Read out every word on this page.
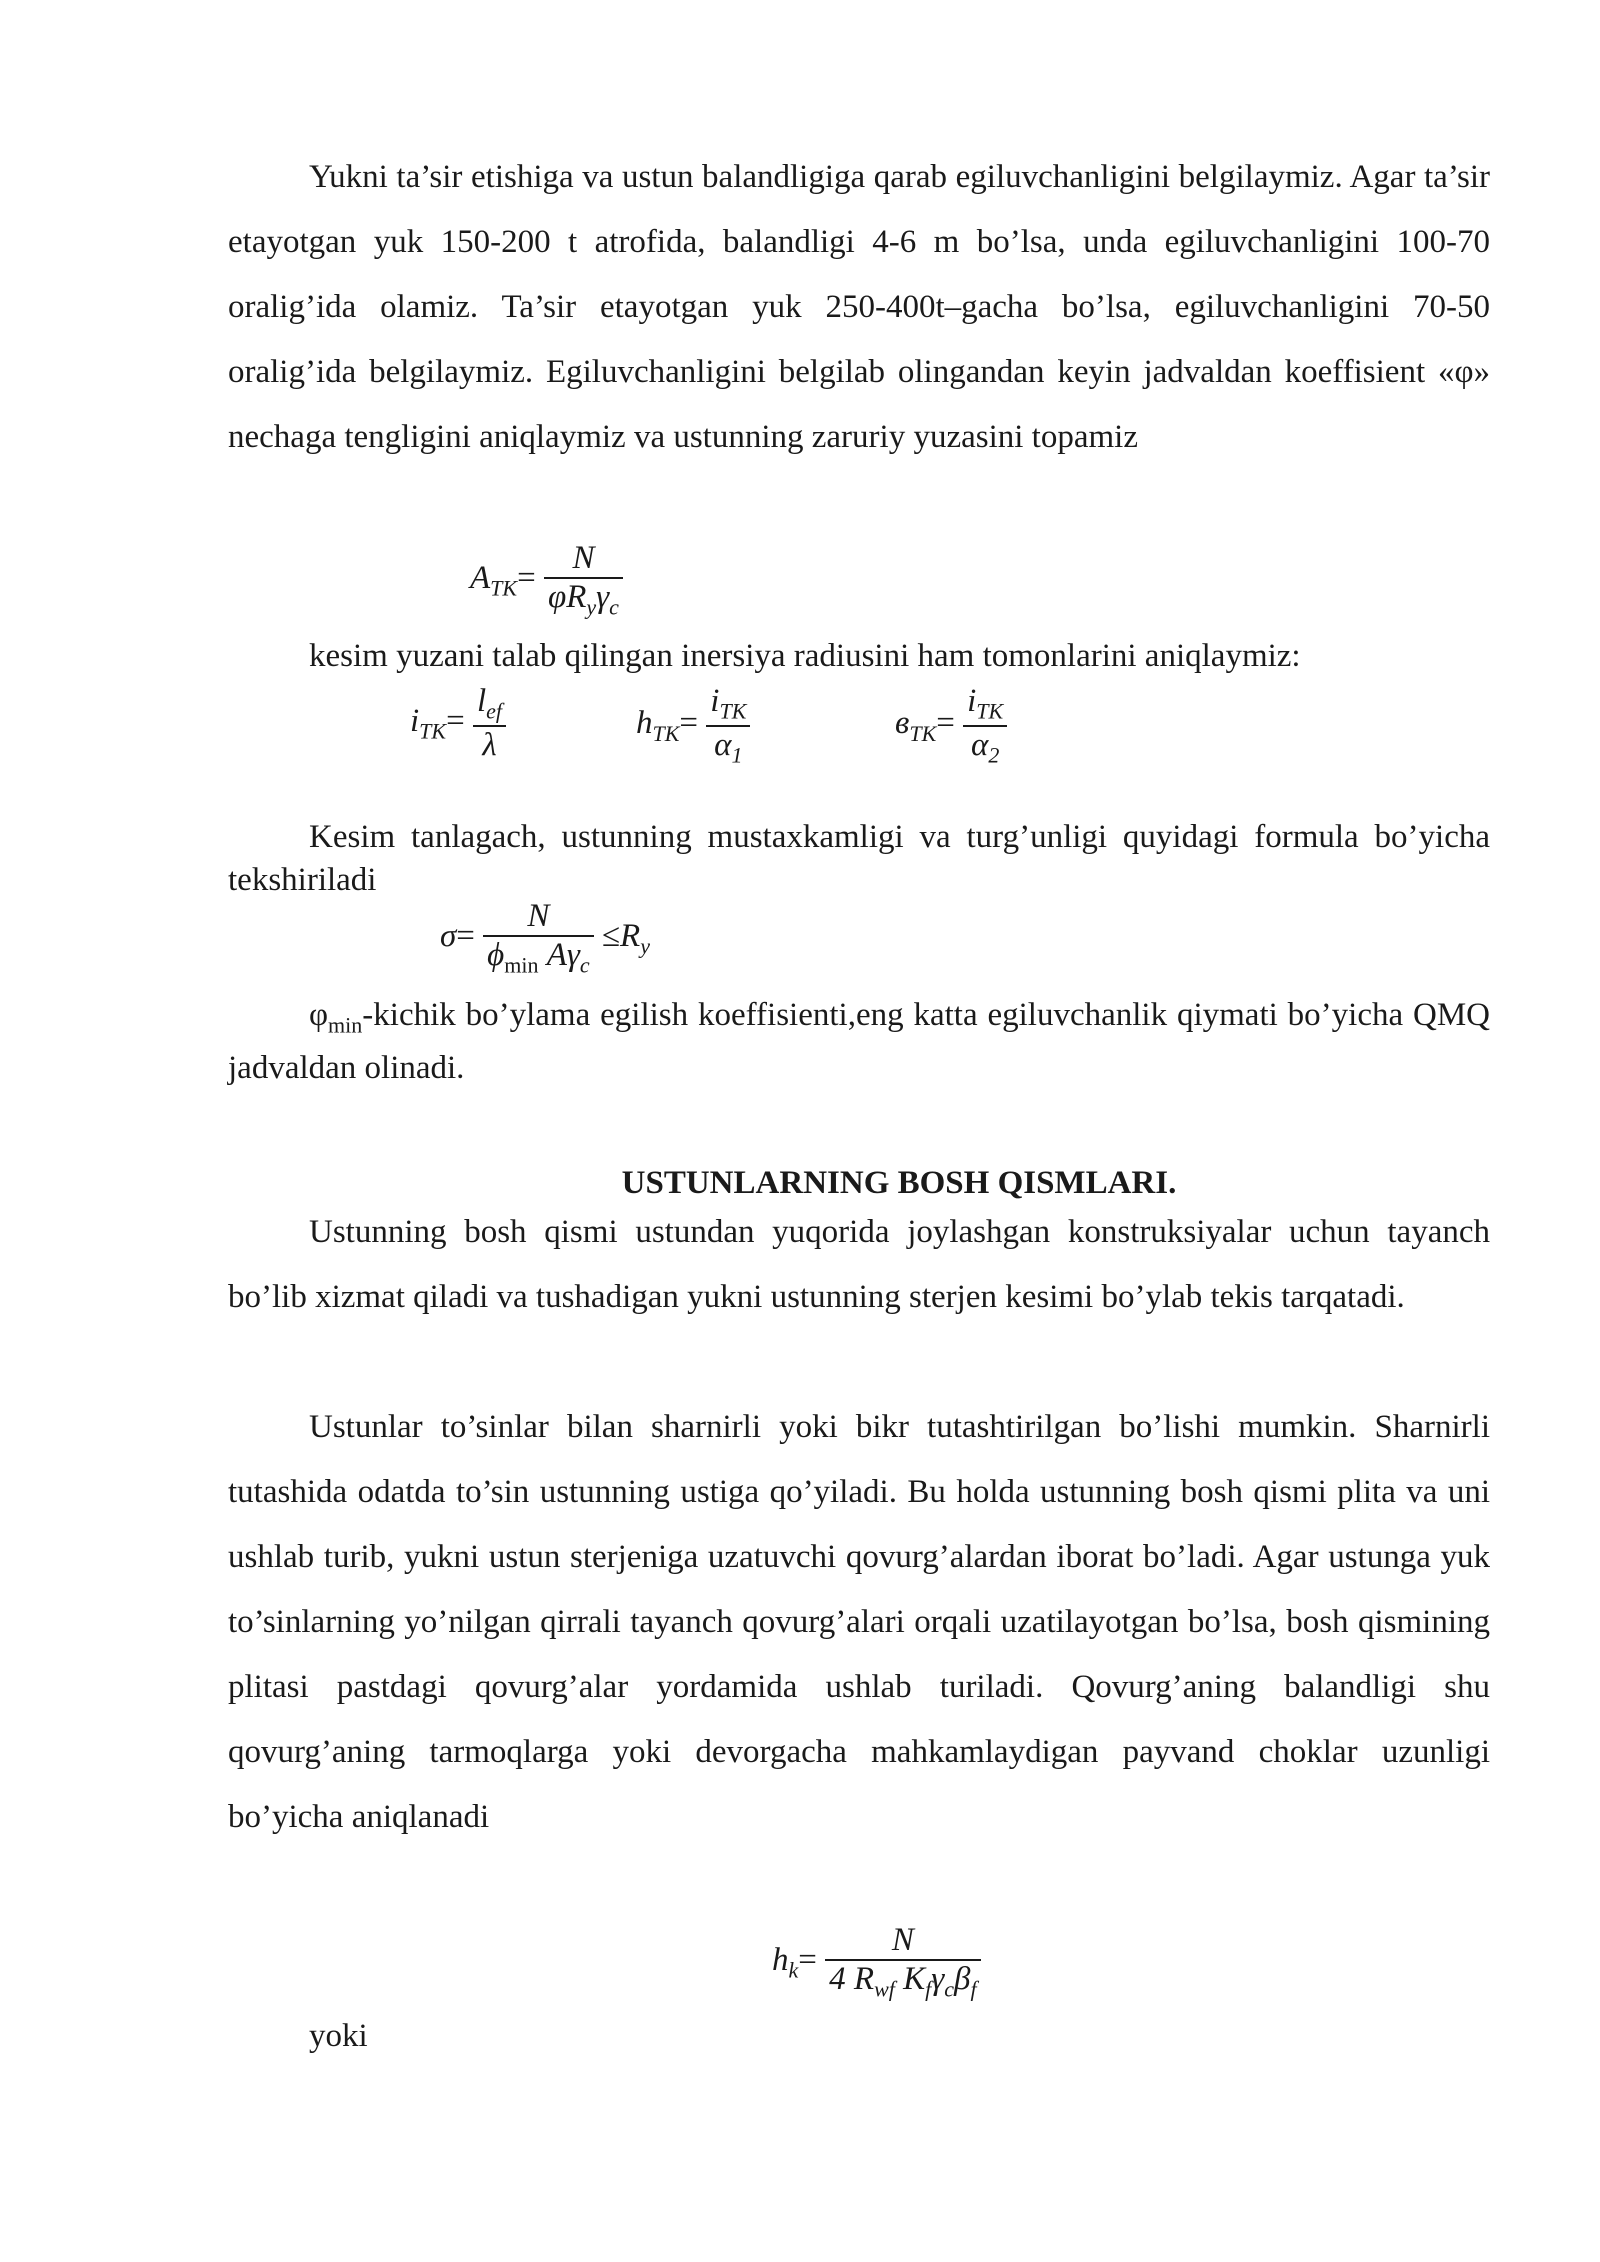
Yukni ta’sir etishiga va ustun balandligiga qarab egiluvchanligini belgilaymiz. Agar ta’sir etayotgan yuk 150-200 t atrofida, balandligi 4-6 m bo’lsa, unda egiluvchanligini 100-70 oralig’ida olamiz. Ta’sir etayotgan yuk 250-400t–gacha bo’lsa, egiluvchanligini 70-50 oralig’ida belgilaymiz. Egiluvchanligini belgilab olingandan keyin jadvaldan koeffisient «φ» nechaga tengligini aniqlaymiz va ustunning zaruriy yuzasini topamiz
$A_{TK}= \frac{N}{\varphi R_y\gamma_c}$
kesim yuzani talab qilingan inersiya radiusini ham tomonlarini aniqlaymiz:
$i_{TK}= \frac{l_{ef}}{\lambda}$	$h_{TK}= \frac{i_{TK}}{\alpha_1}$	$в_{TK}= \frac{i_{TK}}{\alpha_2}$
Kesim tanlagach, ustunning mustaxkamligi va turg’unligi quyidagi formula bo’yicha tekshiriladi
$\sigma= \frac{N}{\phi_{min} A\gamma_c} \le R_y$
$\varphi_{min}$-kichik bo’ylama egilish koeffisienti,eng katta egiluvchanlik qiymati bo’yicha QMQ jadvaldan olinadi.
USTUNLARNING BOSH QISMLARI.
Ustunning bosh qismi ustundan yuqorida joylashgan konstruksiyalar uchun tayanch bo’lib xizmat qiladi va tushadigan yukni ustunning sterjen kesimi bo’ylab tekis tarqatadi.
Ustunlar to’sinlar bilan sharnirli yoki bikr tutashtirilgan bo’lishi mumkin. Sharnirli tutashida odatda to’sin ustunning ustiga qo’yiladi. Bu holda ustunning bosh qismi plita va uni ushlab turib, yukni ustun sterjeniga uzatuvchi qovurg’alardan iborat bo’ladi. Agar ustunga yuk to’sinlarning yo’nilgan qirrali tayanch qovurg’alari orqali uzatilayotgan bo’lsa, bosh qismining plitasi pastdagi qovurg’alar yordamida ushlab turiladi. Qovurg’aning balandligi shu qovurg’aning tarmoqlarga yoki devorgacha mahkamlaydigan payvand choklar uzunligi bo’yicha aniqlanadi
$h_k= \frac{N}{4 R_{wf} K_f\gamma_c\beta_f}$
yoki
